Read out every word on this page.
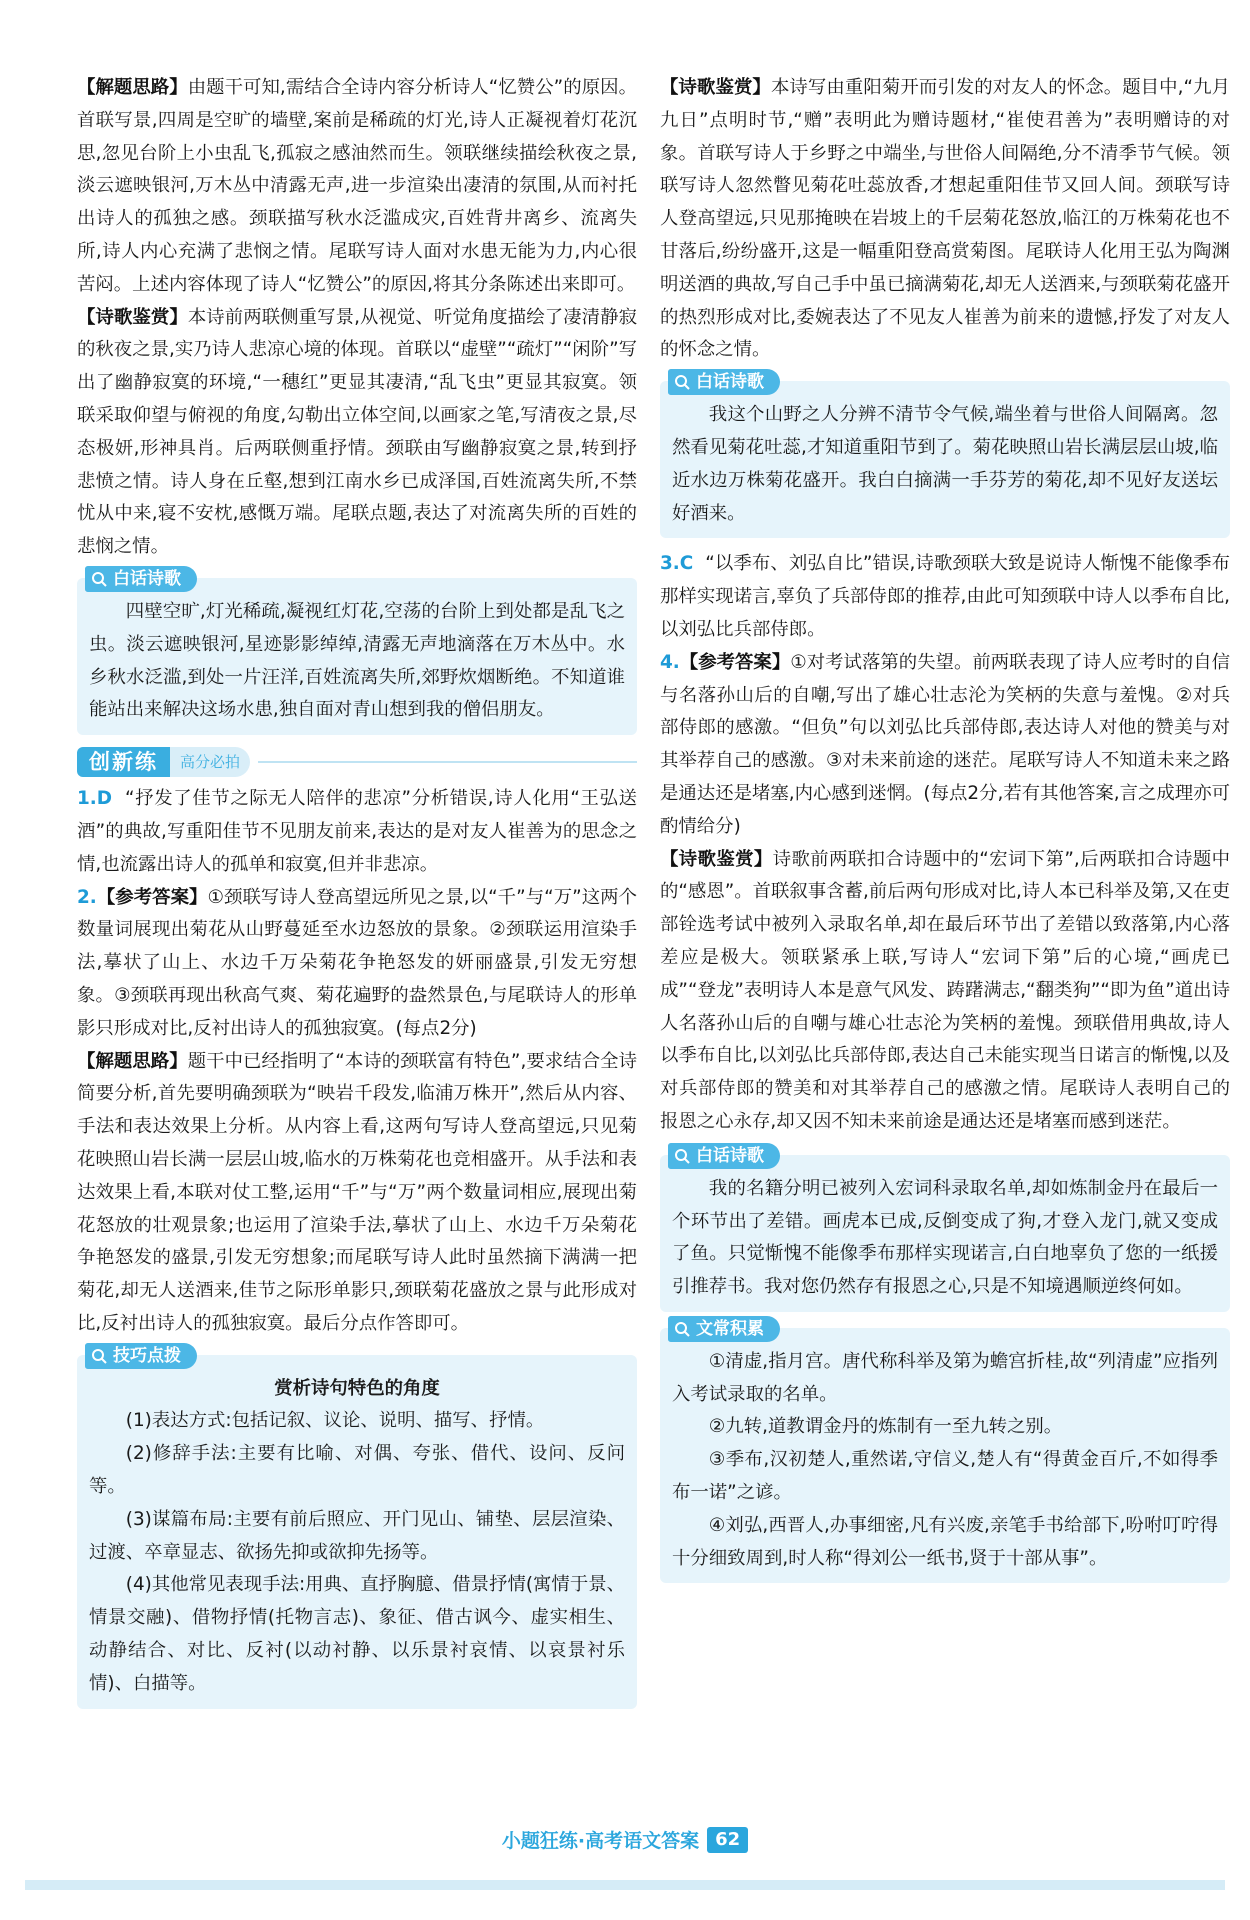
【解题思路】由题干可知,需结合全诗内容分析诗人“忆赞公”的原因。首联写景,四周是空旷的墙壁,案前是稀疏的灯光,诗人正凝视着灯花沉思,忽见台阶上小虫乱飞,孤寂之感油然而生。领联继续描绘秋夜之景,淡云遮映银河,万木丛中清露无声,进一步渲染出凄清的氛围,从而衬托出诗人的孤独之感。颈联描写秋水泛滥成灾,百姓背井离乡、流离失所,诗人内心充满了悲悯之情。尾联写诗人面对水患无能为力,内心很苦闷。上述内容体现了诗人“忆赞公”的原因,将其分条陈述出来即可。

【诗歌鉴赏】本诗前两联侧重写景,从视觉、听觉角度描绘了凄清静寂的秋夜之景,实乃诗人悲凉心境的体现。首联以“虚壁”“疏灯”“闲阶”写出了幽静寂寞的环境,“一穗红”更显其凄清,“乱飞虫”更显其寂寞。领联采取仰望与俯视的角度,勾勒出立体空间,以画家之笔,写清夜之景,尽态极妍,形神具肖。后两联侧重抒情。颈联由写幽静寂寞之景,转到抒悲愤之情。诗人身在丘壑,想到江南水乡已成泽国,百姓流离失所,不禁忧从中来,寝不安枕,感慨万端。尾联点题,表达了对流离失所的百姓的悲悯之情。

白话诗歌

四壁空旷,灯光稀疏,凝视红灯花,空荡的台阶上到处都是乱飞之虫。淡云遮映银河,星迹影影绰绰,清露无声地滴落在万木丛中。水乡秋水泛滥,到处一片汪洋,百姓流离失所,郊野炊烟断绝。不知道谁能站出来解决这场水患,独自面对青山想到我的僧侣朋友。

创新练	高分必拍

1.D “抒发了佳节之际无人陪伴的悲凉”分析错误,诗人化用“王弘送酒”的典故,写重阳佳节不见朋友前来,表达的是对友人崔善为的思念之情,也流露出诗人的孤单和寂寞,但并非悲凉。

2.【参考答案】①颈联写诗人登高望远所见之景,以“千”与“万”这两个数量词展现出菊花从山野蔓延至水边怒放的景象。②颈联运用渲染手法,摹状了山上、水边千万朵菊花争艳怒发的妍丽盛景,引发无穷想象。③颈联再现出秋高气爽、菊花遍野的盎然景色,与尾联诗人的形单影只形成对比,反衬出诗人的孤独寂寞。(每点2分)

【解题思路】题干中已经指明了“本诗的颈联富有特色”,要求结合全诗简要分析,首先要明确颈联为“映岩千段发,临浦万株开”,然后从内容、手法和表达效果上分析。从内容上看,这两句写诗人登高望远,只见菊花映照山岩长满一层层山坡,临水的万株菊花也竞相盛开。从手法和表达效果上看,本联对仗工整,运用“千”与“万”两个数量词相应,展现出菊花怒放的壮观景象;也运用了渲染手法,摹状了山上、水边千万朵菊花争艳怒发的盛景,引发无穷想象;而尾联写诗人此时虽然摘下满满一把菊花,却无人送酒来,佳节之际形单影只,颈联菊花盛放之景与此形成对比,反衬出诗人的孤独寂寞。最后分点作答即可。

技巧点拨

赏析诗句特色的角度

(1)表达方式:包括记叙、议论、说明、描写、抒情。

(2)修辞手法:主要有比喻、对偶、夸张、借代、设问、反问等。

(3)谋篇布局:主要有前后照应、开门见山、铺垫、层层渲染、过渡、卒章显志、欲扬先抑或欲抑先扬等。

(4)其他常见表现手法:用典、直抒胸臆、借景抒情(寓情于景、情景交融)、借物抒情(托物言志)、象征、借古讽今、虚实相生、动静结合、对比、反衬(以动衬静、以乐景衬哀情、以哀景衬乐情)、白描等。

【诗歌鉴赏】本诗写由重阳菊开而引发的对友人的怀念。题目中,“九月九日”点明时节,“赠”表明此为赠诗题材,“崔使君善为”表明赠诗的对象。首联写诗人于乡野之中端坐,与世俗人间隔绝,分不清季节气候。领联写诗人忽然瞥见菊花吐蕊放香,才想起重阳佳节又回人间。颈联写诗人登高望远,只见那掩映在岩坡上的千层菊花怒放,临江的万株菊花也不甘落后,纷纷盛开,这是一幅重阳登高赏菊图。尾联诗人化用王弘为陶渊明送酒的典故,写自己手中虽已摘满菊花,却无人送酒来,与颈联菊花盛开的热烈形成对比,委婉表达了不见友人崔善为前来的遗憾,抒发了对友人的怀念之情。

白话诗歌

我这个山野之人分辨不清节令气候,端坐着与世俗人间隔离。忽然看见菊花吐蕊,才知道重阳节到了。菊花映照山岩长满层层山坡,临近水边万株菊花盛开。我白白摘满一手芬芳的菊花,却不见好友送坛好酒来。

3.C “以季布、刘弘自比”错误,诗歌颈联大致是说诗人惭愧不能像季布那样实现诺言,辜负了兵部侍郎的推荐,由此可知颈联中诗人以季布自比,以刘弘比兵部侍郎。

4.【参考答案】①对考试落第的失望。前两联表现了诗人应考时的自信与名落孙山后的自嘲,写出了雄心壮志沦为笑柄的失意与羞愧。②对兵部侍郎的感激。“但负”句以刘弘比兵部侍郎,表达诗人对他的赞美与对其举荐自己的感激。③对未来前途的迷茫。尾联写诗人不知道未来之路是通达还是堵塞,内心感到迷惘。(每点2分,若有其他答案,言之成理亦可酌情给分)

【诗歌鉴赏】诗歌前两联扣合诗题中的“宏词下第”,后两联扣合诗题中的“感恩”。首联叙事含蓄,前后两句形成对比,诗人本已科举及第,又在吏部铨选考试中被列入录取名单,却在最后环节出了差错以致落第,内心落差应是极大。领联紧承上联,写诗人“宏词下第”后的心境,“画虎已成”“登龙”表明诗人本是意气风发、踌躇满志,“翻类狗”“即为鱼”道出诗人名落孙山后的自嘲与雄心壮志沦为笑柄的羞愧。颈联借用典故,诗人以季布自比,以刘弘比兵部侍郎,表达自己未能实现当日诺言的惭愧,以及对兵部侍郎的赞美和对其举荐自己的感激之情。尾联诗人表明自己的报恩之心永存,却又因不知未来前途是通达还是堵塞而感到迷茫。

白话诗歌

我的名籍分明已被列入宏词科录取名单,却如炼制金丹在最后一个环节出了差错。画虎本已成,反倒变成了狗,才登入龙门,就又变成了鱼。只觉惭愧不能像季布那样实现诺言,白白地辜负了您的一纸援引推荐书。我对您仍然存有报恩之心,只是不知境遇顺逆终何如。

文常积累

①清虚,指月宫。唐代称科举及第为蟾宫折桂,故“列清虚”应指列入考试录取的名单。

②九转,道教谓金丹的炼制有一至九转之别。

③季布,汉初楚人,重然诺,守信义,楚人有“得黄金百斤,不如得季布一诺”之谚。

④刘弘,西晋人,办事细密,凡有兴废,亲笔手书给部下,吩咐叮咛得十分细致周到,时人称“得刘公一纸书,贤于十部从事”。

小题狂练·高考语文答案 62
